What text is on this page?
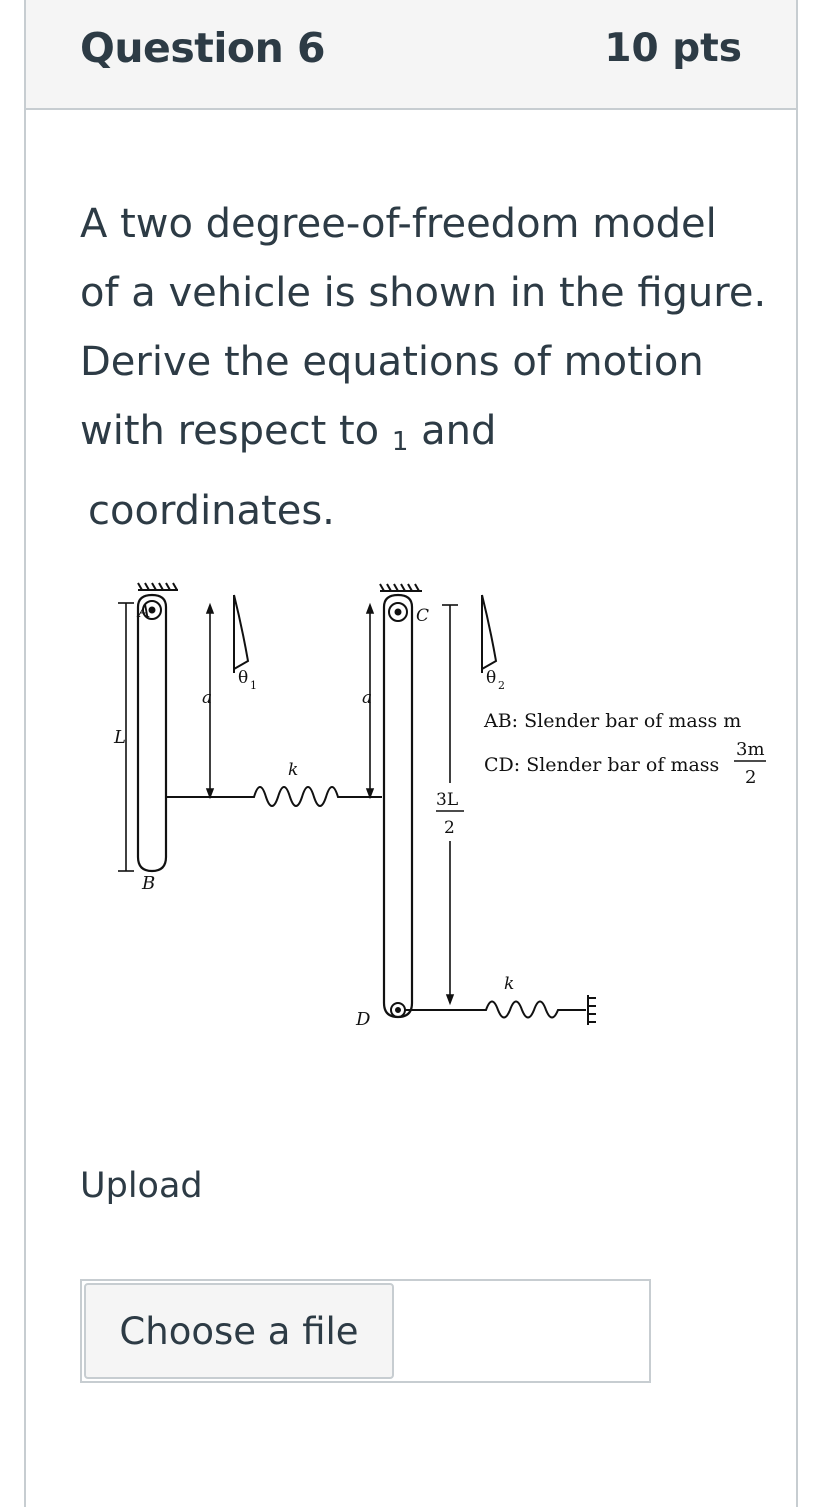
Question 6	10 pts
A two degree-of-freedom model
of a vehicle is shown in the figure.
Derive the equations of motion
with respect to $_1$ and
coordinates.
A
L
B
a
θ 1
k
a
C
3L
2
θ 2
D
k
AB: Slender bar of mass m
CD: Slender bar of mass
3m
2
Upload
Choose a file
